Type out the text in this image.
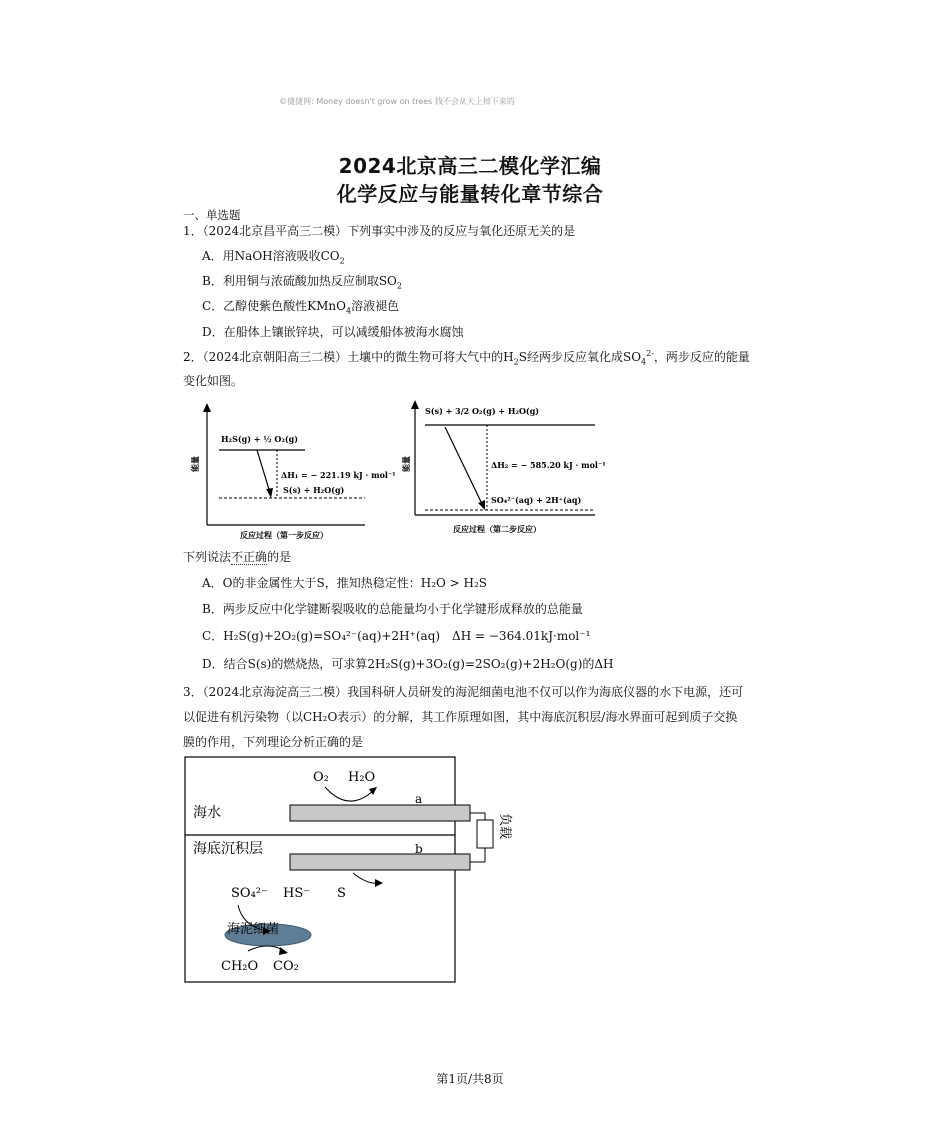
©捷捷网: Money doesn't grow on trees 钱不会从天上掉下来的
2024北京高三二模化学汇编
化学反应与能量转化章节综合
一、单选题
1．（2024北京昌平高三二模）下列事实中涉及的反应与氧化还原无关的是
A．用NaOH溶液吸收$CO_2$
B．利用铜与浓硫酸加热反应制取$SO_2$
C．乙醇使紫色酸性KMnO$_4$溶液褪色
D．在船体上镶嵌锌块，可以减缓船体被海水腐蚀
2．（2024北京朝阳高三二模）土壤中的微生物可将大气中的$H_2S$经两步反应氧化成$SO_4^{2-}$，两步反应的能量
变化如图。
能量
H₂S(g) + ½ O₂(g)
ΔH₁ = − 221.19 kJ · mol⁻¹
S(s) + H₂O(g)
反应过程（第一步反应）
能量
S(s) + 3/2 O₂(g) + H₂O(g)
ΔH₂ = − 585.20 kJ · mol⁻¹
SO₄²⁻(aq) + 2H⁺(aq)
反应过程（第二步反应）
下列说法不正确的是
A．O的非金属性大于S，推知热稳定性：H₂O > H₂S
B．两步反应中化学键断裂吸收的总能量均小于化学键形成释放的总能量
C．H₂S(g)+2O₂(g)=SO₄²⁻(aq)+2H⁺(aq)　ΔH = −364.01kJ·mol⁻¹
D．结合S(s)的燃烧热，可求算2H₂S(g)+3O₂(g)=2SO₂(g)+2H₂O(g)的ΔH
3．（2024北京海淀高三二模）我国科研人员研发的海泥细菌电池不仅可以作为海底仪器的水下电源，还可
以促进有机污染物（以CH₂O表示）的分解，其工作原理如图，其中海底沉积层/海水界面可起到质子交换
膜的作用，下列理论分析正确的是
O₂ H₂O
海水
a
海底沉积层	b
负载
SO₄²⁻ HS⁻ S
海泥细菌
CH₂O CO₂
第1页/共8页
